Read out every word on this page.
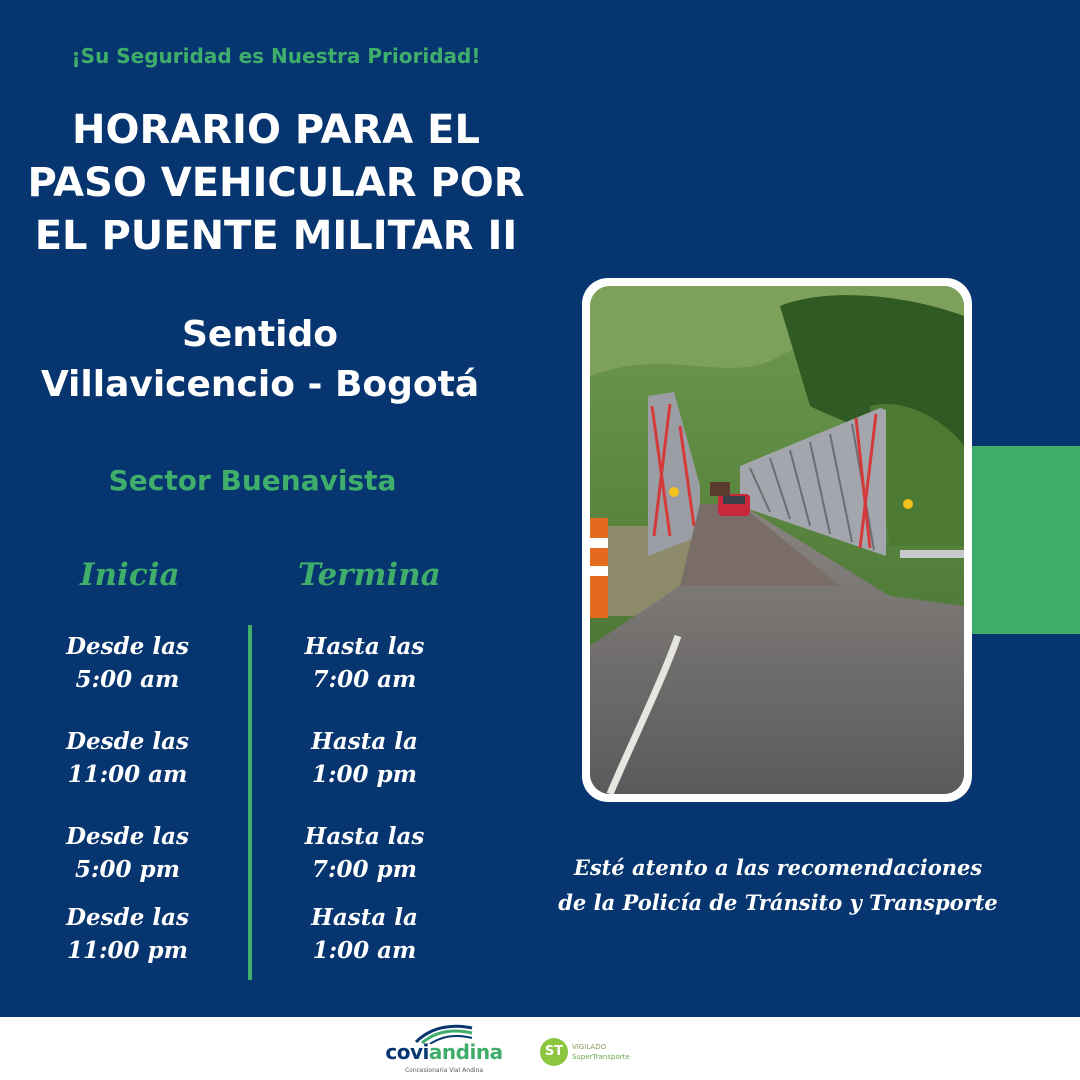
¡Su Seguridad es Nuestra Prioridad!
HORARIO PARA EL
PASO VEHICULAR POR
EL PUENTE MILITAR II
Sentido
Villavicencio - Bogotá
Sector Buenavista
Inicia	Termina
Desde las
5:00 am
Hasta las
7:00 am
Desde las
11:00 am
Hasta la
1:00 pm
Desde las
5:00 pm
Hasta las
7:00 pm
Desde las
11:00 pm
Hasta la
1:00 am
Esté atento a las recomendaciones
de la Policía de Tránsito y Transporte
coviandina
Concesionaria Vial Andina
ST	VIGILADO
SuperTransporte
